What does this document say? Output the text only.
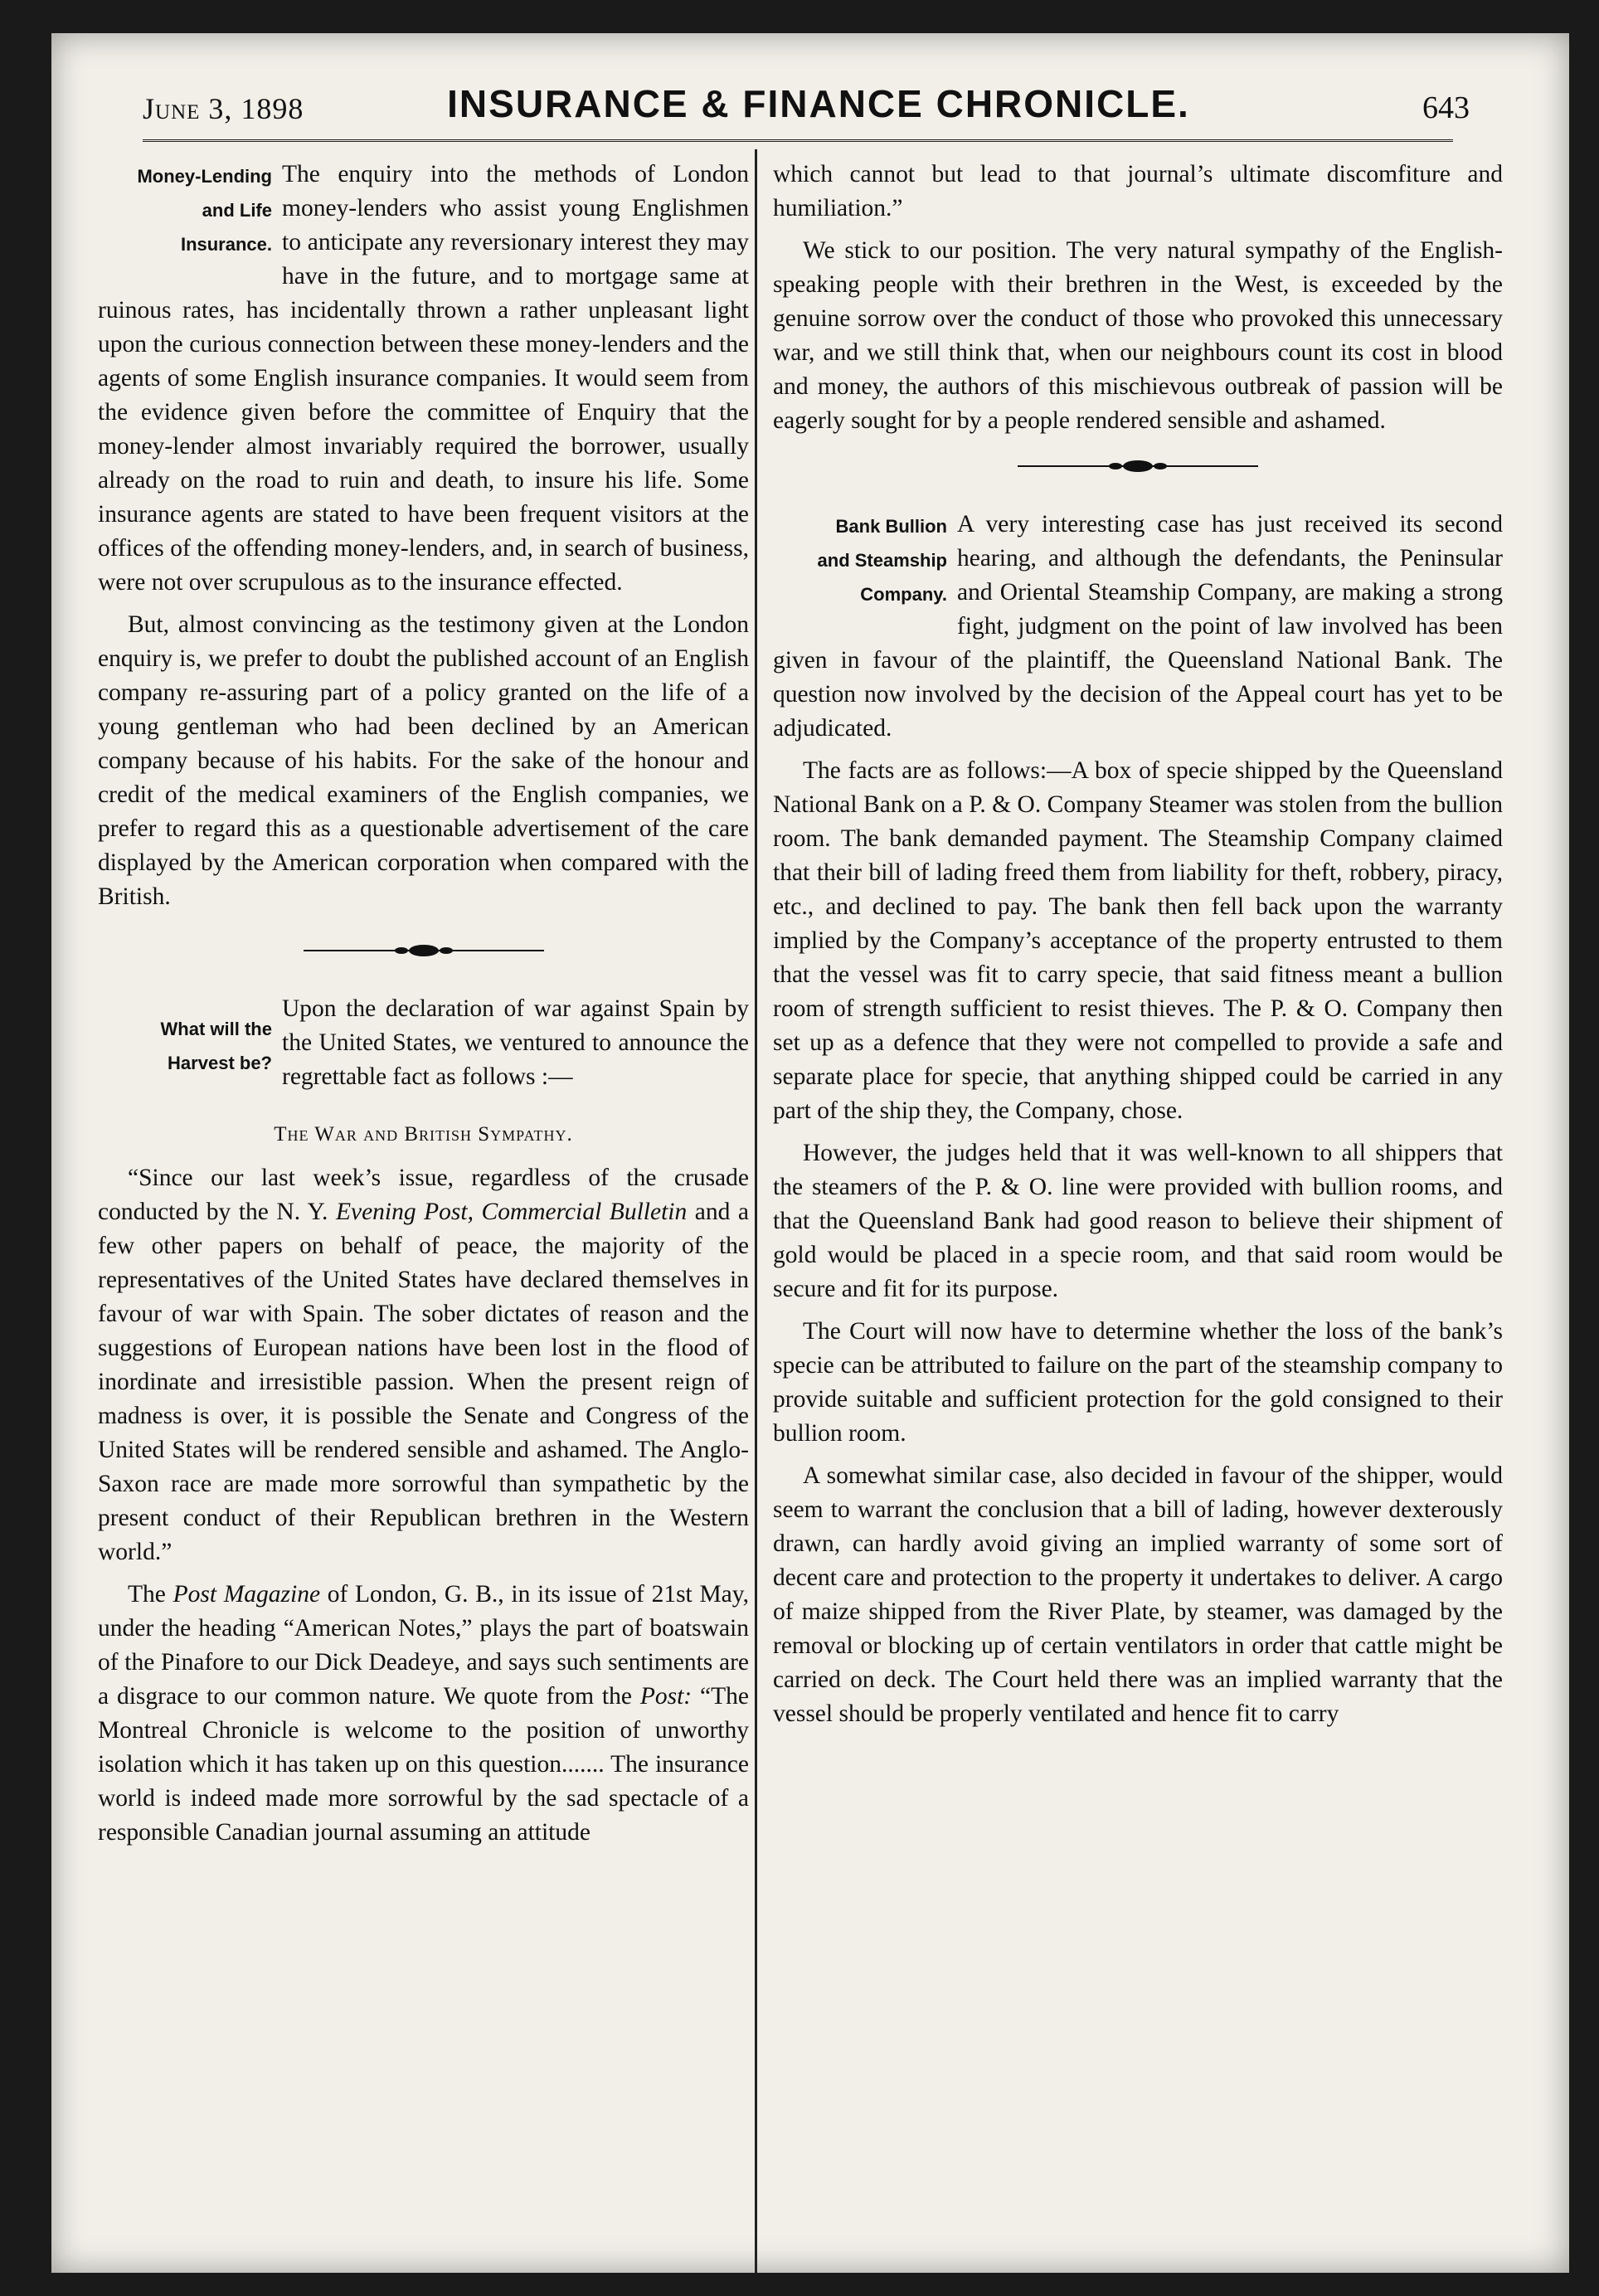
June 3, 1898	INSURANCE & FINANCE CHRONICLE.	643
Money-Lending
and Life
Insurance.

The enquiry into the methods of London money-lenders who assist young Englishmen to anticipate any reversionary interest they may have in the future, and to mortgage same at ruinous rates, has incidentally thrown a rather unpleasant light upon the curious connection between these money-lenders and the agents of some English insurance companies. It would seem from the evidence given before the committee of Enquiry that the money-lender almost invariably required the borrower, usually already on the road to ruin and death, to insure his life. Some insurance agents are stated to have been frequent visitors at the offices of the offending money-lenders, and, in search of business, were not over scrupulous as to the insurance effected.

But, almost convincing as the testimony given at the London enquiry is, we prefer to doubt the published account of an English company re-assuring part of a policy granted on the life of a young gentleman who had been declined by an American company because of his habits. For the sake of the honour and credit of the medical examiners of the English companies, we prefer to regard this as a questionable advertisement of the care displayed by the American corporation when compared with the British.

What will the
Harvest be?

Upon the declaration of war against Spain by the United States, we ventured to announce the regrettable fact as follows :—

The War and British Sympathy.

“Since our last week’s issue, regardless of the crusade conducted by the N. Y. Evening Post, Commercial Bulletin and a few other papers on behalf of peace, the majority of the representatives of the United States have declared themselves in favour of war with Spain. The sober dictates of reason and the suggestions of European nations have been lost in the flood of inordinate and irresistible passion. When the present reign of madness is over, it is possible the Senate and Congress of the United States will be rendered sensible and ashamed. The Anglo-Saxon race are made more sorrowful than sympathetic by the present conduct of their Republican brethren in the Western world.”

The Post Magazine of London, G. B., in its issue of 21st May, under the heading “American Notes,” plays the part of boatswain of the Pinafore to our Dick Deadeye, and says such sentiments are a disgrace to our common nature. We quote from the Post: “The Montreal Chronicle is welcome to the position of unworthy isolation which it has taken up on this question....... The insurance world is indeed made more sorrowful by the sad spectacle of a responsible Canadian journal assuming an attitude

which cannot but lead to that journal’s ultimate discomfiture and humiliation.”

We stick to our position. The very natural sympathy of the English-speaking people with their brethren in the West, is exceeded by the genuine sorrow over the conduct of those who provoked this unnecessary war, and we still think that, when our neighbours count its cost in blood and money, the authors of this mischievous outbreak of passion will be eagerly sought for by a people rendered sensible and ashamed.

Bank Bullion
and Steamship
Company.

A very interesting case has just received its second hearing, and although the defendants, the Peninsular and Oriental Steamship Company, are making a strong fight, judgment on the point of law involved has been given in favour of the plaintiff, the Queensland National Bank. The question now involved by the decision of the Appeal court has yet to be adjudicated.

The facts are as follows:—A box of specie shipped by the Queensland National Bank on a P. & O. Company Steamer was stolen from the bullion room. The bank demanded payment. The Steamship Company claimed that their bill of lading freed them from liability for theft, robbery, piracy, etc., and declined to pay. The bank then fell back upon the warranty implied by the Company’s acceptance of the property entrusted to them that the vessel was fit to carry specie, that said fitness meant a bullion room of strength sufficient to resist thieves. The P. & O. Company then set up as a defence that they were not compelled to provide a safe and separate place for specie, that anything shipped could be carried in any part of the ship they, the Company, chose.

However, the judges held that it was well-known to all shippers that the steamers of the P. & O. line were provided with bullion rooms, and that the Queensland Bank had good reason to believe their shipment of gold would be placed in a specie room, and that said room would be secure and fit for its purpose.

The Court will now have to determine whether the loss of the bank’s specie can be attributed to failure on the part of the steamship company to provide suitable and sufficient protection for the gold consigned to their bullion room.

A somewhat similar case, also decided in favour of the shipper, would seem to warrant the conclusion that a bill of lading, however dexterously drawn, can hardly avoid giving an implied warranty of some sort of decent care and protection to the property it undertakes to deliver. A cargo of maize shipped from the River Plate, by steamer, was damaged by the removal or blocking up of certain ventilators in order that cattle might be carried on deck. The Court held there was an implied warranty that the vessel should be properly ventilated and hence fit to carry
